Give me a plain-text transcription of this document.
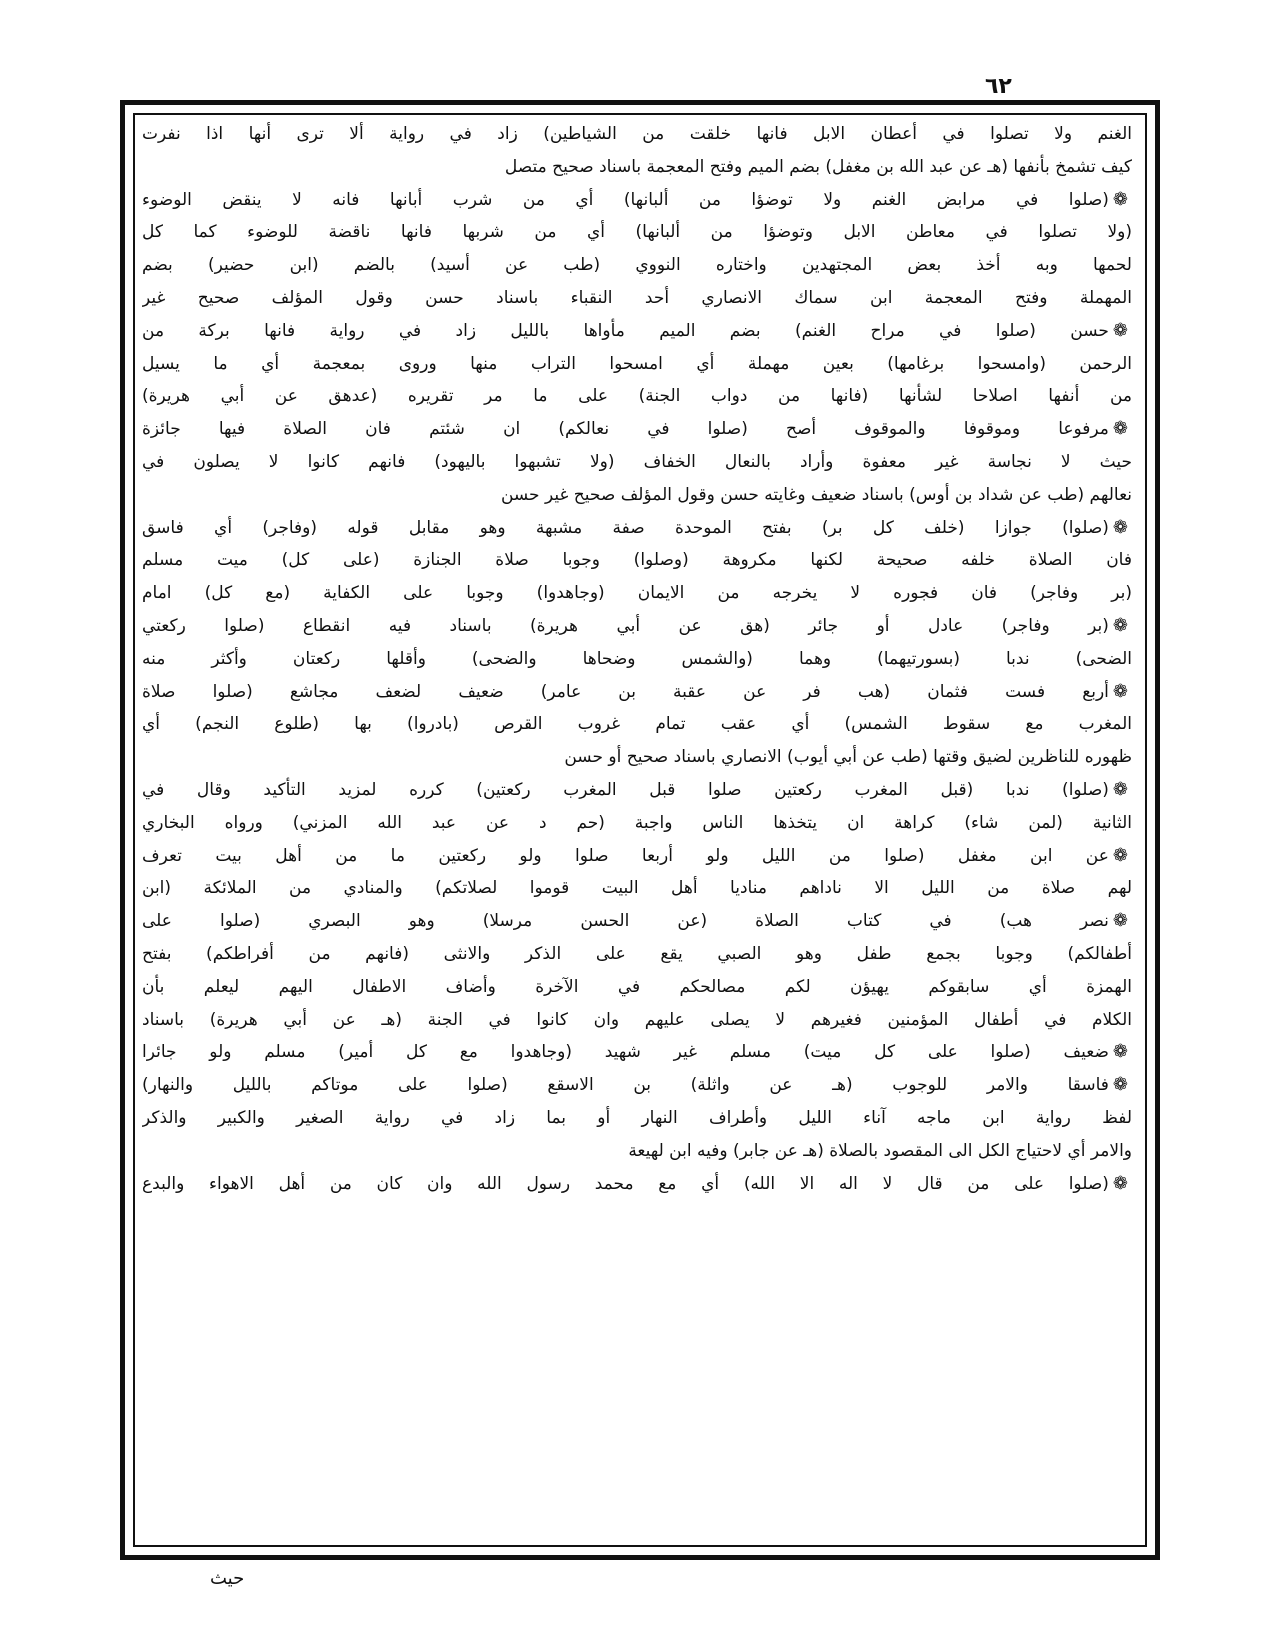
٦٢
الغنم ولا تصلوا في أعطان الابل فانها خلقت من الشياطين) زاد في رواية ألا ترى أنها اذا نفرت
كيف تشمخ بأنفها (هـ عن عبد الله بن مغفل) بضم الميم وفتح المعجمة باسناد صحيح متصل
❁(صلوا في مرابض الغنم ولا توضؤا من ألبانها) أي من شرب أبانها فانه لا ينقض الوضوء
(ولا تصلوا في معاطن الابل وتوضؤا من ألبانها) أي من شربها فانها ناقضة للوضوء كما كل
لحمها وبه أخذ بعض المجتهدين واختاره النووي (طب عن أسيد) بالضم (ابن حضير) بضم
المهملة وفتح المعجمة ابن سماك الانصاري أحد النقباء باسناد حسن وقول المؤلف صحيح غير
❁حسن (صلوا في مراح الغنم) بضم الميم مأواها بالليل زاد في رواية فانها بركة من
الرحمن (وامسحوا برغامها) بعين مهملة أي امسحوا التراب منها وروى بمعجمة أي ما يسيل
من أنفها اصلاحا لشأنها (فانها من دواب الجنة) على ما مر تقريره (عدهق عن أبي هريرة)
❁مرفوعا وموقوفا والموقوف أصح (صلوا في نعالكم) ان شئتم فان الصلاة فيها جائزة
حيث لا نجاسة غير معفوة وأراد بالنعال الخفاف (ولا تشبهوا باليهود) فانهم كانوا لا يصلون في
نعالهم (طب عن شداد بن أوس) باسناد ضعيف وغايته حسن وقول المؤلف صحيح غير حسن
❁(صلوا) جوازا (خلف كل بر) بفتح الموحدة صفة مشبهة وهو مقابل قوله (وفاجر) أي فاسق
فان الصلاة خلفه صحيحة لكنها مكروهة (وصلوا) وجوبا صلاة الجنازة (على كل) ميت مسلم
(بر وفاجر) فان فجوره لا يخرجه من الايمان (وجاهدوا) وجوبا على الكفاية (مع كل) امام
❁(بر وفاجر) عادل أو جائر (هق عن أبي هريرة) باسناد فيه انقطاع (صلوا ركعتي
الضحى) ندبا (بسورتيهما) وهما (والشمس وضحاها والضحى) وأقلها ركعتان وأكثر منه
❁أربع فست فثمان (هب فر عن عقبة بن عامر) ضعيف لضعف مجاشع (صلوا صلاة
المغرب مع سقوط الشمس) أي عقب تمام غروب القرص (بادروا) بها (طلوع النجم) أي
ظهوره للناظرين لضيق وقتها (طب عن أبي أيوب) الانصاري باسناد صحيح أو حسن
❁(صلوا) ندبا (قبل المغرب ركعتين صلوا قبل المغرب ركعتين) كرره لمزيد التأكيد وقال في
الثانية (لمن شاء) كراهة ان يتخذها الناس واجبة (حم د عن عبد الله المزني) ورواه البخاري
❁عن ابن مغفل (صلوا من الليل ولو أربعا صلوا ولو ركعتين ما من أهل بيت تعرف
لهم صلاة من الليل الا ناداهم مناديا أهل البيت قوموا لصلاتكم) والمنادي من الملائكة (ابن
❁نصر هب) في كتاب الصلاة (عن الحسن مرسلا) وهو البصري (صلوا على
أطفالكم) وجوبا بجمع طفل وهو الصبي يقع على الذكر والانثى (فانهم من أفراطكم) بفتح
الهمزة أي سابقوكم يهيؤن لكم مصالحكم في الآخرة وأضاف الاطفال اليهم ليعلم بأن
الكلام في أطفال المؤمنين فغيرهم لا يصلى عليهم وان كانوا في الجنة (هـ عن أبي هريرة) باسناد
❁ضعيف (صلوا على كل ميت) مسلم غير شهيد (وجاهدوا مع كل أمير) مسلم ولو جائرا
❁فاسقا والامر للوجوب (هـ عن واثلة) بن الاسقع (صلوا على موتاكم بالليل والنهار)
لفظ رواية ابن ماجه آناء الليل وأطراف النهار أو بما زاد في رواية الصغير والكبير والذكر
والامر أي لاحتياج الكل الى المقصود بالصلاة (هـ عن جابر) وفيه ابن لهيعة
❁(صلوا على من قال لا اله الا الله) أي مع محمد رسول الله وان كان من أهل الاهواء والبدع
حيث
